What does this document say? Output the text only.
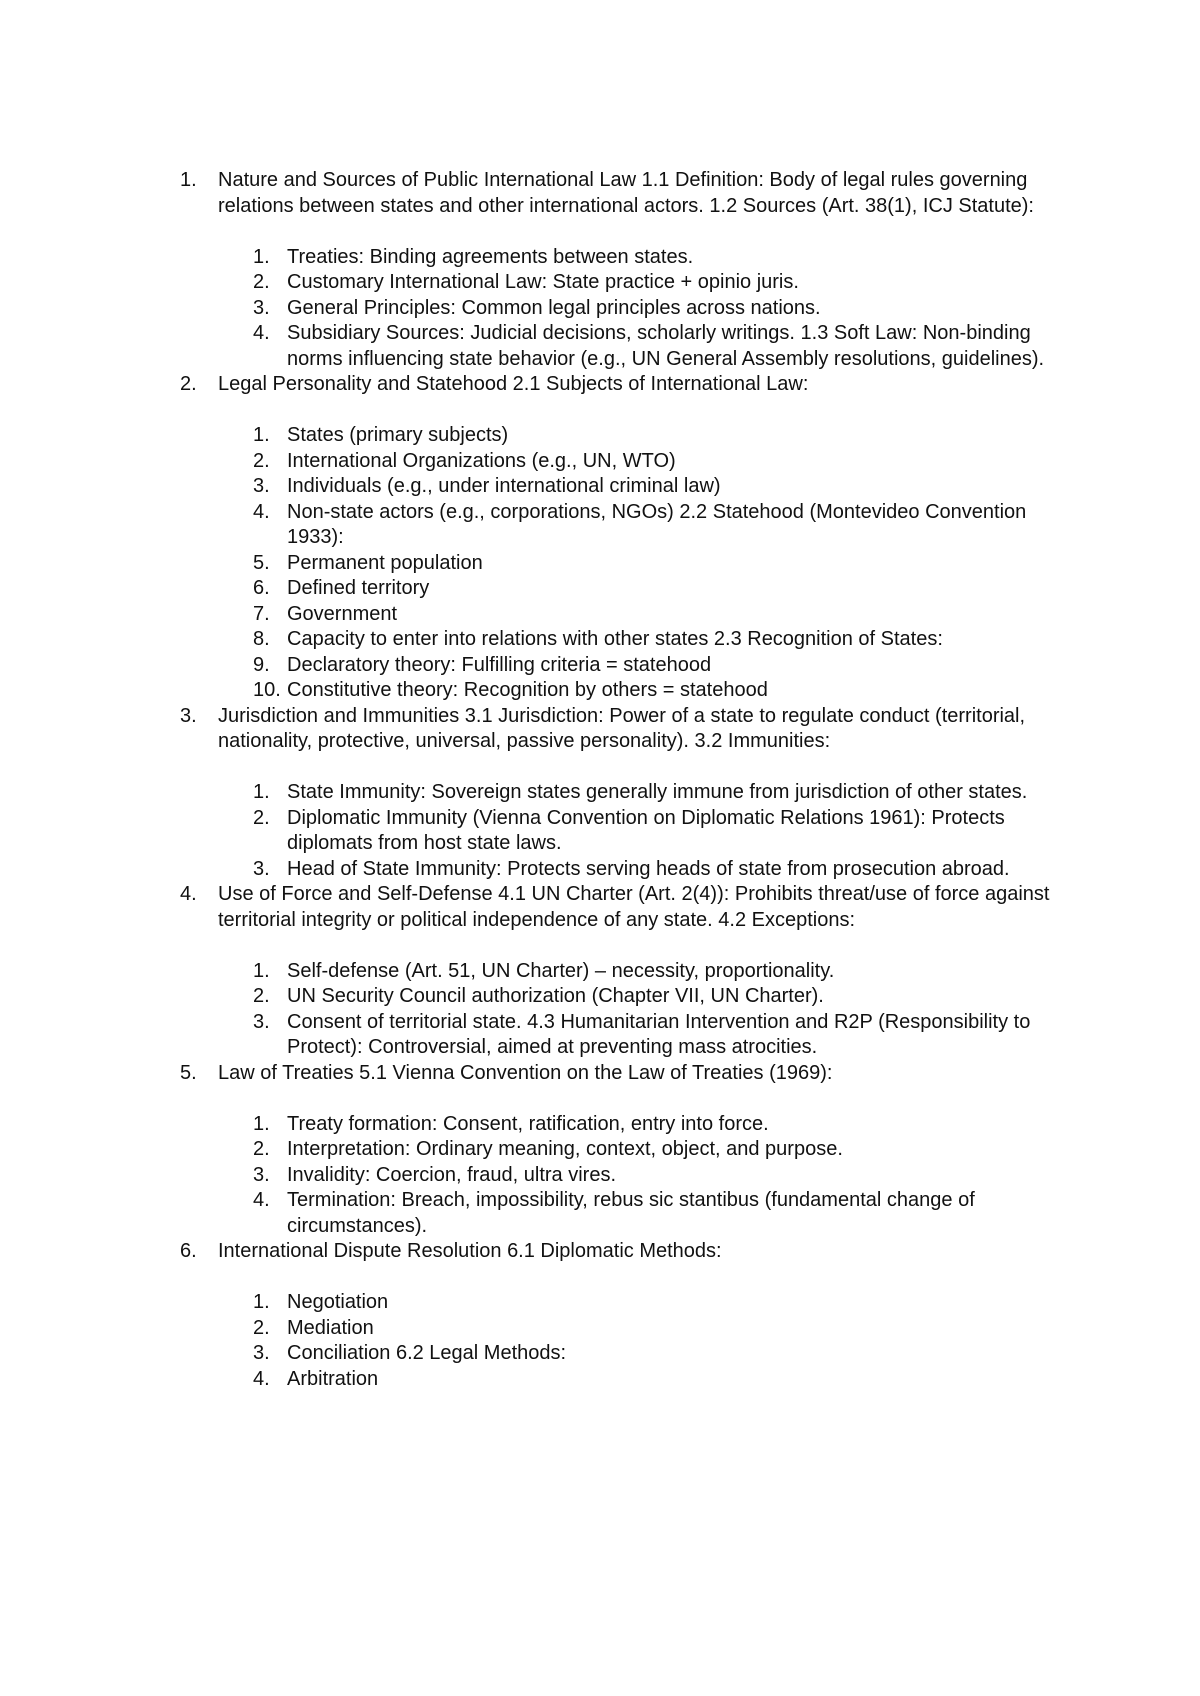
1.	Nature and Sources of Public International Law 1.1 Definition: Body of legal rules governing relations between states and other international actors. 1.2 Sources (Art. 38(1), ICJ Statute):
1. Treaties: Binding agreements between states.
2. Customary International Law: State practice + opinio juris.
3. General Principles: Common legal principles across nations.
4. Subsidiary Sources: Judicial decisions, scholarly writings. 1.3 Soft Law: Non-binding norms influencing state behavior (e.g., UN General Assembly resolutions, guidelines).
2.	Legal Personality and Statehood 2.1 Subjects of International Law:
1. States (primary subjects)
2. International Organizations (e.g., UN, WTO)
3. Individuals (e.g., under international criminal law)
4. Non-state actors (e.g., corporations, NGOs) 2.2 Statehood (Montevideo Convention 1933):
5. Permanent population
6. Defined territory
7. Government
8. Capacity to enter into relations with other states 2.3 Recognition of States:
9. Declaratory theory: Fulfilling criteria = statehood
10. Constitutive theory: Recognition by others = statehood
3.	Jurisdiction and Immunities 3.1 Jurisdiction: Power of a state to regulate conduct (territorial, nationality, protective, universal, passive personality). 3.2 Immunities:
1. State Immunity: Sovereign states generally immune from jurisdiction of other states.
2. Diplomatic Immunity (Vienna Convention on Diplomatic Relations 1961): Protects diplomats from host state laws.
3. Head of State Immunity: Protects serving heads of state from prosecution abroad.
4.	Use of Force and Self-Defense 4.1 UN Charter (Art. 2(4)): Prohibits threat/use of force against territorial integrity or political independence of any state. 4.2 Exceptions:
1. Self-defense (Art. 51, UN Charter) – necessity, proportionality.
2. UN Security Council authorization (Chapter VII, UN Charter).
3. Consent of territorial state. 4.3 Humanitarian Intervention and R2P (Responsibility to Protect): Controversial, aimed at preventing mass atrocities.
5.	Law of Treaties 5.1 Vienna Convention on the Law of Treaties (1969):
1. Treaty formation: Consent, ratification, entry into force.
2. Interpretation: Ordinary meaning, context, object, and purpose.
3. Invalidity: Coercion, fraud, ultra vires.
4. Termination: Breach, impossibility, rebus sic stantibus (fundamental change of circumstances).
6.	International Dispute Resolution 6.1 Diplomatic Methods:
1. Negotiation
2. Mediation
3. Conciliation 6.2 Legal Methods:
4. Arbitration
